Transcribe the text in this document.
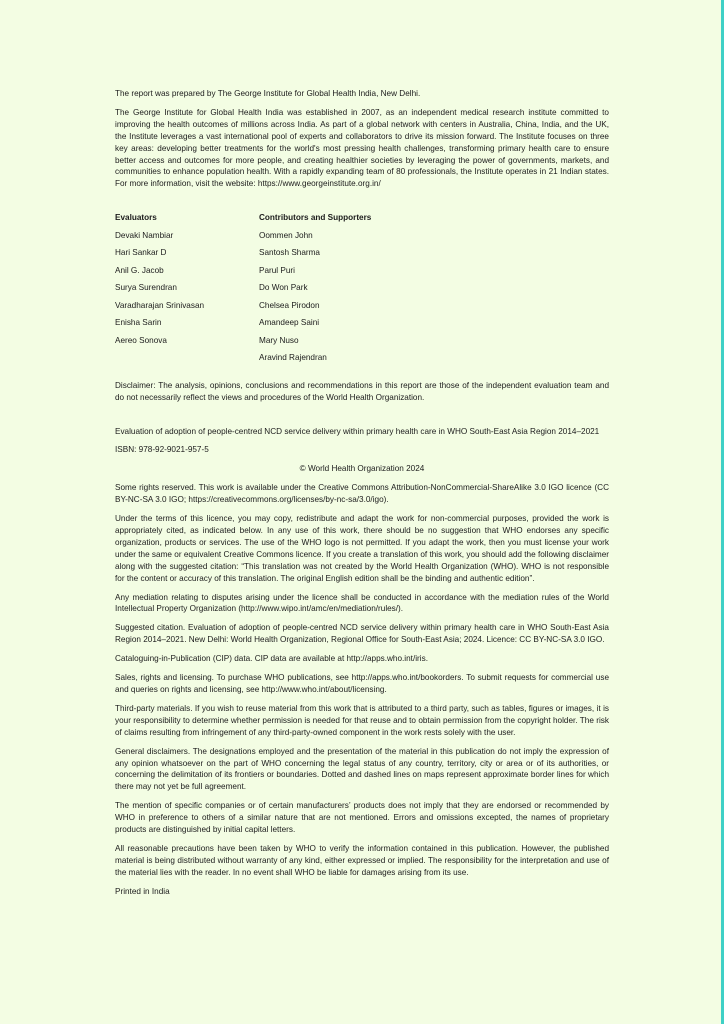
The report was prepared by The George Institute for Global Health India, New Delhi.

The George Institute for Global Health India was established in 2007, as an independent medical research institute committed to improving the health outcomes of millions across India. As part of a global network with centers in Australia, China, India, and the UK, the Institute leverages a vast international pool of experts and collaborators to drive its mission forward. The Institute focuses on three key areas: developing better treatments for the world's most pressing health challenges, transforming primary health care to ensure better access and outcomes for more people, and creating healthier societies by leveraging the power of governments, markets, and communities to enhance population health. With a rapidly expanding team of 80 professionals, the Institute operates in 21 Indian states. For more information, visit the website: https://www.georgeinstitute.org.in/

Evaluators
Devaki Nambiar
Hari Sankar D
Anil G. Jacob
Surya Surendran
Varadharajan Srinivasan
Enisha Sarin
Aereo Sonova
Contributors and Supporters
Oommen John
Santosh Sharma
Parul Puri
Do Won Park
Chelsea Pirodon
Amandeep Saini
Mary Nuso
Aravind Rajendran

Disclaimer: The analysis, opinions, conclusions and recommendations in this report are those of the independent evaluation team and do not necessarily reflect the views and procedures of the World Health Organization.

Evaluation of adoption of people-centred NCD service delivery within primary health care in WHO South-East Asia Region 2014–2021

ISBN: 978-92-9021-957-5

© World Health Organization 2024

Some rights reserved. This work is available under the Creative Commons Attribution-NonCommercial-ShareAlike 3.0 IGO licence (CC BY-NC-SA 3.0 IGO; https://creativecommons.org/licenses/by-nc-sa/3.0/igo).

Under the terms of this licence, you may copy, redistribute and adapt the work for non-commercial purposes, provided the work is appropriately cited, as indicated below. In any use of this work, there should be no suggestion that WHO endorses any specific organization, products or services. The use of the WHO logo is not permitted. If you adapt the work, then you must license your work under the same or equivalent Creative Commons licence. If you create a translation of this work, you should add the following disclaimer along with the suggested citation: “This translation was not created by the World Health Organization (WHO). WHO is not responsible for the content or accuracy of this translation. The original English edition shall be the binding and authentic edition”.

Any mediation relating to disputes arising under the licence shall be conducted in accordance with the mediation rules of the World Intellectual Property Organization (http://www.wipo.int/amc/en/mediation/rules/).

Suggested citation. Evaluation of adoption of people-centred NCD service delivery within primary health care in WHO South-East Asia Region 2014–2021. New Delhi: World Health Organization, Regional Office for South-East Asia; 2024. Licence: CC BY-NC-SA 3.0 IGO.

Cataloguing-in-Publication (CIP) data. CIP data are available at http://apps.who.int/iris.

Sales, rights and licensing. To purchase WHO publications, see http://apps.who.int/bookorders. To submit requests for commercial use and queries on rights and licensing, see http://www.who.int/about/licensing.

Third-party materials. If you wish to reuse material from this work that is attributed to a third party, such as tables, figures or images, it is your responsibility to determine whether permission is needed for that reuse and to obtain permission from the copyright holder. The risk of claims resulting from infringement of any third-party-owned component in the work rests solely with the user.

General disclaimers. The designations employed and the presentation of the material in this publication do not imply the expression of any opinion whatsoever on the part of WHO concerning the legal status of any country, territory, city or area or of its authorities, or concerning the delimitation of its frontiers or boundaries. Dotted and dashed lines on maps represent approximate border lines for which there may not yet be full agreement.

The mention of specific companies or of certain manufacturers’ products does not imply that they are endorsed or recommended by WHO in preference to others of a similar nature that are not mentioned. Errors and omissions excepted, the names of proprietary products are distinguished by initial capital letters.

All reasonable precautions have been taken by WHO to verify the information contained in this publication. However, the published material is being distributed without warranty of any kind, either expressed or implied. The responsibility for the interpretation and use of the material lies with the reader. In no event shall WHO be liable for damages arising from its use.

Printed in India
